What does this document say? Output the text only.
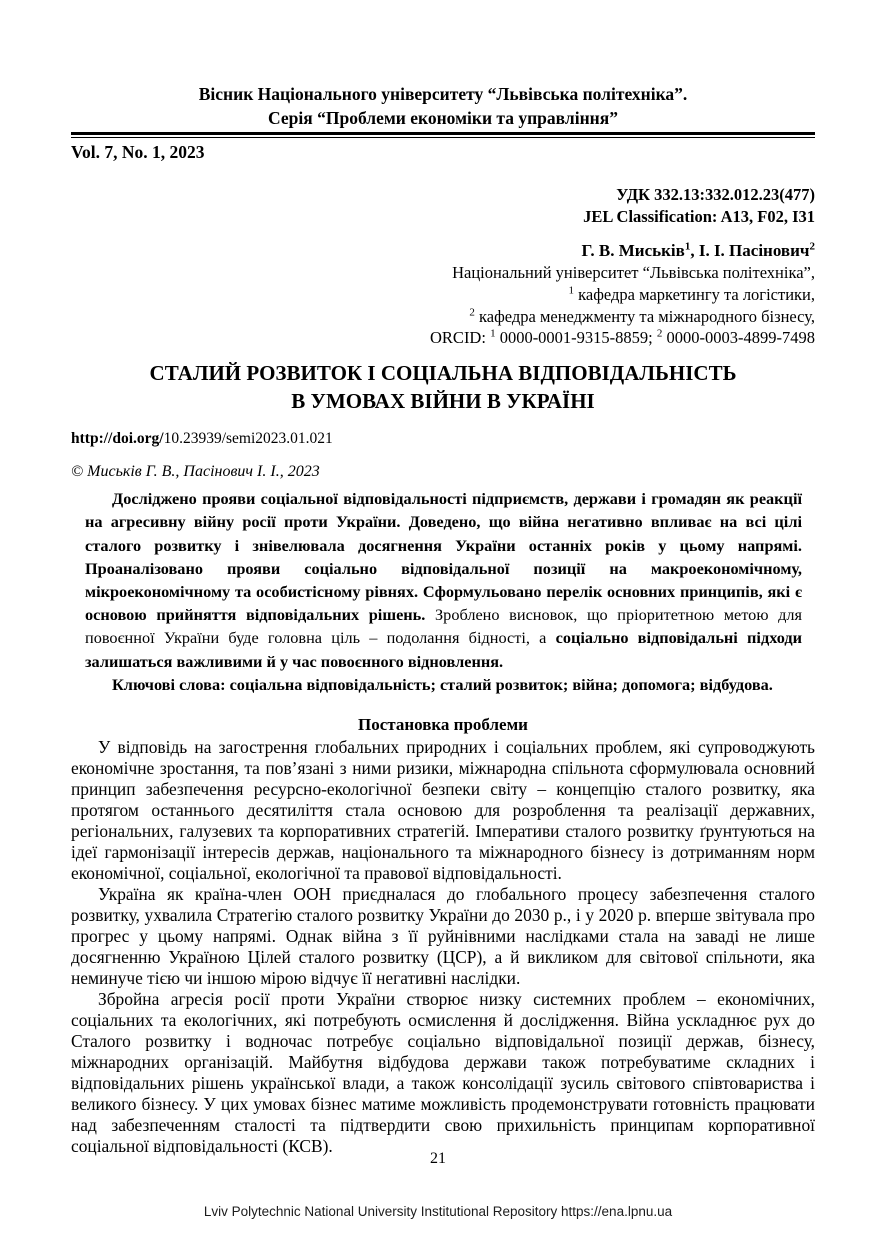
Вісник Національного університету “Львівська політехніка”.
Серія “Проблеми економіки та управління”
Vol. 7, No. 1, 2023
УДК 332.13:332.012.23(477)
JEL Classification: A13, F02, I31
Г. В. Миськів$^1$, І. І. Пасінович$^2$
Національний університет “Львівська політехніка”,
$^1$ кафедра маркетингу та логістики,
$^2$ кафедра менеджменту та міжнародного бізнесу,
ORCID: $^1$ 0000-0001-9315-8859; $^2$ 0000-0003-4899-7498
СТАЛИЙ РОЗВИТОК І СОЦІАЛЬНА ВІДПОВІДАЛЬНІСТЬ
В УМОВАХ ВІЙНИ В УКРАЇНІ
http://doi.org/10.23939/semi2023.01.021
© Миськів Г. В., Пасінович І. І., 2023

Досліджено прояви соціальної відповідальності підприємств, держави і громадян як реакції на агресивну війну росії проти України. Доведено, що війна негативно впливає на всі цілі сталого розвитку і знівелювала досягнення України останніх років у цьому напрямі. Проаналізовано прояви соціально відповідальної позиції на макроекономічному, мікроекономічному та особистісному рівнях. Сформульовано перелік основних принципів, які є основою прийняття відповідальних рішень. Зроблено висновок, що пріоритетною метою для повоєнної України буде головна ціль – подолання бідності, а соціально відповідальні підходи залишаться важливими й у час повоєнного відновлення.

Ключові слова: соціальна відповідальність; сталий розвиток; війна; допомога; відбудова.

Постановка проблеми

У відповідь на загострення глобальних природних і соціальних проблем, які супроводжують економічне зростання, та пов’язані з ними ризики, міжнародна спільнота сформулювала основний принцип забезпечення ресурсно-екологічної безпеки світу – концепцію сталого розвитку, яка протягом останнього десятиліття стала основою для розроблення та реалізації державних, регіональних, галузевих та корпоративних стратегій. Імперативи сталого розвитку ґрунтуються на ідеї гармонізації інтересів держав, національного та міжнародного бізнесу із дотриманням норм економічної, соціальної, екологічної та правової відповідальності.

Україна як країна-член ООН приєдналася до глобального процесу забезпечення сталого розвитку, ухвалила Стратегію сталого розвитку України до 2030 р., і у 2020 р. вперше звітувала про прогрес у цьому напрямі. Однак війна з її руйнівними наслідками стала на заваді не лише досягненню Україною Цілей сталого розвитку (ЦСР), а й викликом для світової спільноти, яка неминуче тією чи іншою мірою відчує її негативні наслідки.

Збройна агресія росії проти України створює низку системних проблем – економічних, соціальних та екологічних, які потребують осмислення й дослідження. Війна ускладнює рух до Сталого розвитку і водночас потребує соціально відповідальної позиції держав, бізнесу, міжнародних організацій. Майбутня відбудова держави також потребуватиме складних і відповідальних рішень української влади, а також консолідації зусиль світового співтовариства і великого бізнесу. У цих умовах бізнес матиме можливість продемонструвати готовність працювати над забезпеченням сталості та підтвердити свою прихильність принципам корпоративної соціальної відповідальності (КСВ).

21
Lviv Polytechnic National University Institutional Repository https://ena.lpnu.ua
